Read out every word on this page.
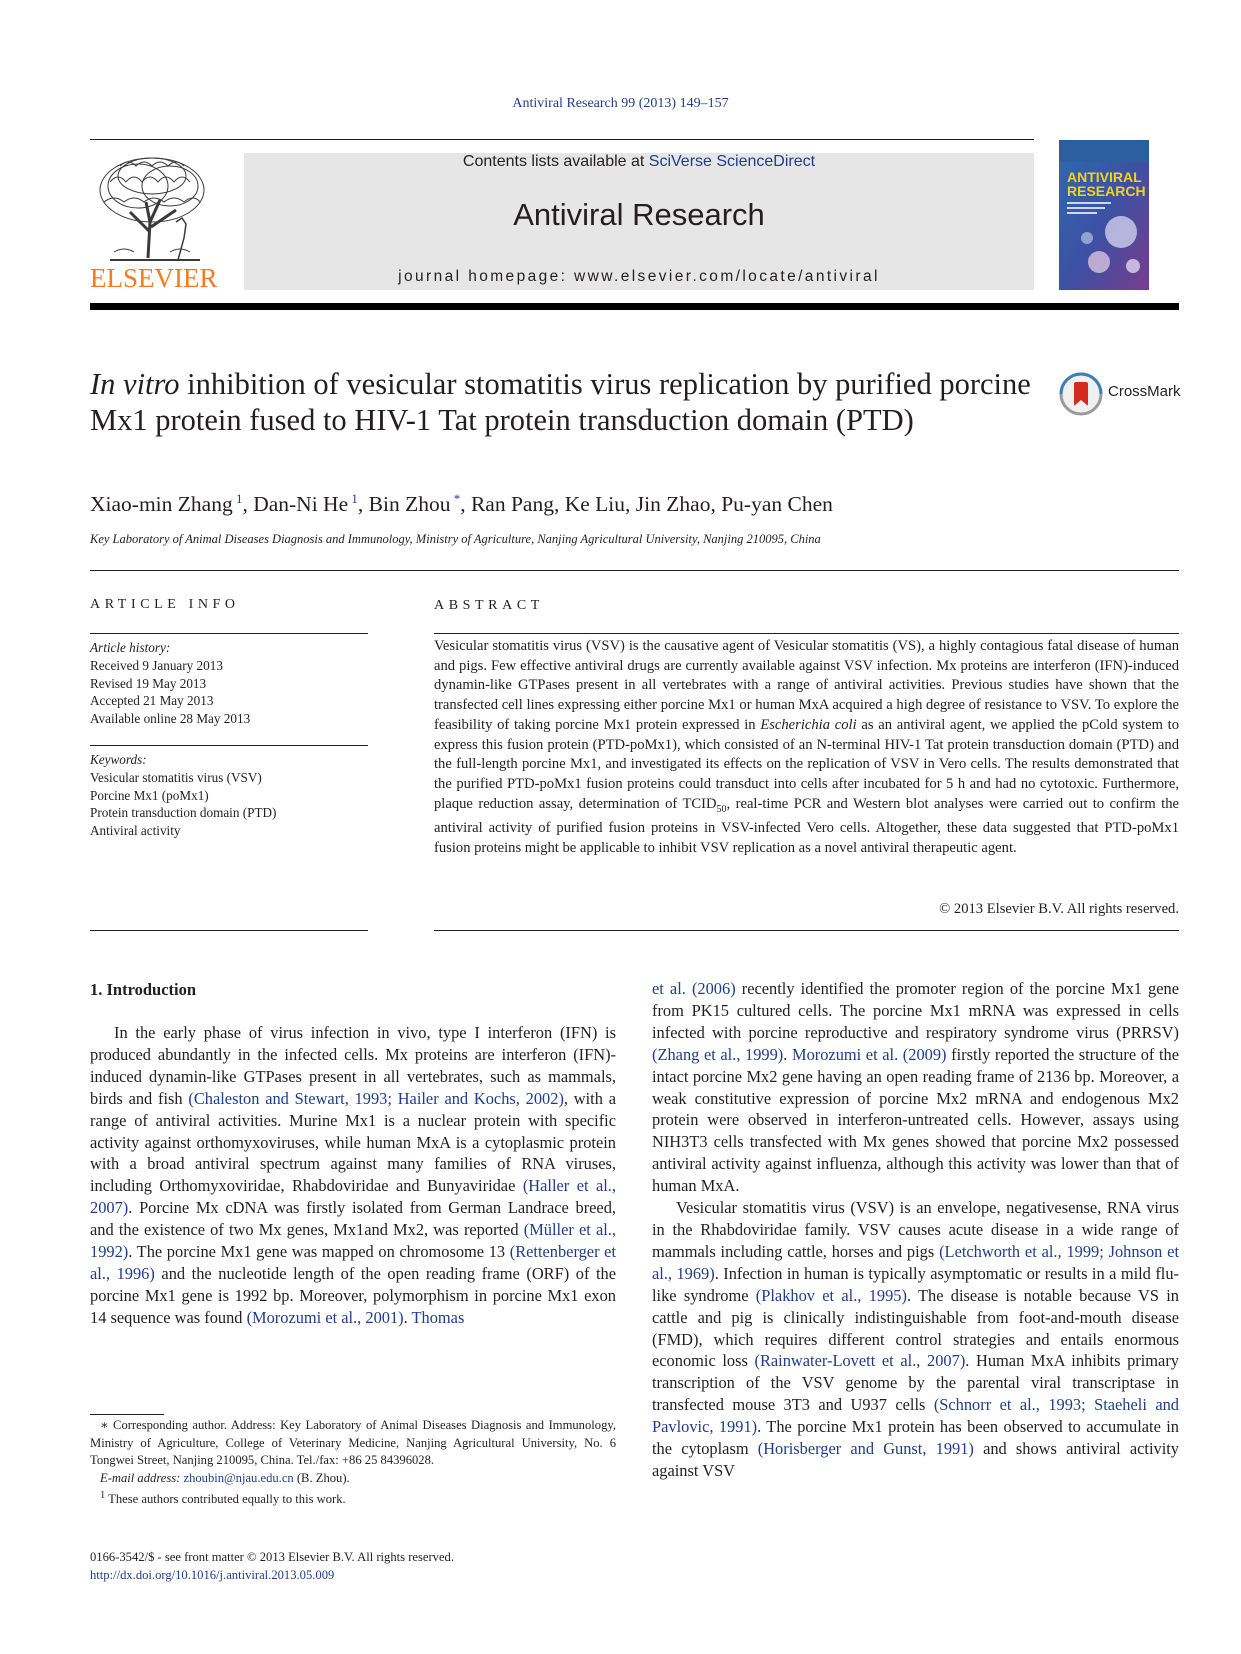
Antiviral Research 99 (2013) 149–157
ELSEVIER
Contents lists available at SciVerse ScienceDirect
Antiviral Research
journal homepage: www.elsevier.com/locate/antiviral
ANTIVIRAL RESEARCH
In vitro inhibition of vesicular stomatitis virus replication by purified porcine Mx1 protein fused to HIV-1 Tat protein transduction domain (PTD)
CrossMark
Xiao-min Zhang $^1$, Dan-Ni He $^1$, Bin Zhou *, Ran Pang, Ke Liu, Jin Zhao, Pu-yan Chen
Key Laboratory of Animal Diseases Diagnosis and Immunology, Ministry of Agriculture, Nanjing Agricultural University, Nanjing 210095, China
ARTICLE INFO	ABSTRACT
Article history:
Received 9 January 2013
Revised 19 May 2013
Accepted 21 May 2013
Available online 28 May 2013
Keywords:
Vesicular stomatitis virus (VSV)
Porcine Mx1 (poMx1)
Protein transduction domain (PTD)
Antiviral activity
Vesicular stomatitis virus (VSV) is the causative agent of Vesicular stomatitis (VS), a highly contagious fatal disease of human and pigs. Few effective antiviral drugs are currently available against VSV infection. Mx proteins are interferon (IFN)-induced dynamin-like GTPases present in all vertebrates with a range of antiviral activities. Previous studies have shown that the transfected cell lines expressing either porcine Mx1 or human MxA acquired a high degree of resistance to VSV. To explore the feasibility of taking porcine Mx1 protein expressed in Escherichia coli as an antiviral agent, we applied the pCold system to express this fusion protein (PTD-poMx1), which consisted of an N-terminal HIV-1 Tat protein transduction domain (PTD) and the full-length porcine Mx1, and investigated its effects on the replication of VSV in Vero cells. The results demonstrated that the purified PTD-poMx1 fusion proteins could transduct into cells after incubated for 5 h and had no cytotoxic. Furthermore, plaque reduction assay, determination of $TCID_{50}$, real-time PCR and Western blot analyses were carried out to confirm the antiviral activity of purified fusion proteins in VSV-infected Vero cells. Altogether, these data suggested that PTD-poMx1 fusion proteins might be applicable to inhibit VSV replication as a novel antiviral therapeutic agent.
© 2013 Elsevier B.V. All rights reserved.
1. Introduction

In the early phase of virus infection in vivo, type I interferon (IFN) is produced abundantly in the infected cells. Mx proteins are interferon (IFN)-induced dynamin-like GTPases present in all vertebrates, such as mammals, birds and fish (Chaleston and Stewart, 1993; Hailer and Kochs, 2002), with a range of antiviral activities. Murine Mx1 is a nuclear protein with specific activity against orthomyxoviruses, while human MxA is a cytoplasmic protein with a broad antiviral spectrum against many families of RNA viruses, including Orthomyxoviridae, Rhabdoviridae and Bunyaviridae (Haller et al., 2007). Porcine Mx cDNA was firstly isolated from German Landrace breed, and the existence of two Mx genes, Mx1and Mx2, was reported (Müller et al., 1992). The porcine Mx1 gene was mapped on chromosome 13 (Rettenberger et al., 1996) and the nucleotide length of the open reading frame (ORF) of the porcine Mx1 gene is 1992 bp. Moreover, polymorphism in porcine Mx1 exon 14 sequence was found (Morozumi et al., 2001). Thomas

et al. (2006) recently identified the promoter region of the porcine Mx1 gene from PK15 cultured cells. The porcine Mx1 mRNA was expressed in cells infected with porcine reproductive and respiratory syndrome virus (PRRSV) (Zhang et al., 1999). Morozumi et al. (2009) firstly reported the structure of the intact porcine Mx2 gene having an open reading frame of 2136 bp. Moreover, a weak constitutive expression of porcine Mx2 mRNA and endogenous Mx2 protein were observed in interferon-untreated cells. However, assays using NIH3T3 cells transfected with Mx genes showed that porcine Mx2 possessed antiviral activity against influenza, although this activity was lower than that of human MxA.

Vesicular stomatitis virus (VSV) is an envelope, negativesense, RNA virus in the Rhabdoviridae family. VSV causes acute disease in a wide range of mammals including cattle, horses and pigs (Letchworth et al., 1999; Johnson et al., 1969). Infection in human is typically asymptomatic or results in a mild flu-like syndrome (Plakhov et al., 1995). The disease is notable because VS in cattle and pig is clinically indistinguishable from foot-and-mouth disease (FMD), which requires different control strategies and entails enormous economic loss (Rainwater-Lovett et al., 2007). Human MxA inhibits primary transcription of the VSV genome by the parental viral transcriptase in transfected mouse 3T3 and U937 cells (Schnorr et al., 1993; Staeheli and Pavlovic, 1991). The porcine Mx1 protein has been observed to accumulate in the cytoplasm (Horisberger and Gunst, 1991) and shows antiviral activity against VSV

∗ Corresponding author. Address: Key Laboratory of Animal Diseases Diagnosis and Immunology, Ministry of Agriculture, College of Veterinary Medicine, Nanjing Agricultural University, No. 6 Tongwei Street, Nanjing 210095, China. Tel./fax: +86 25 84396028.

E-mail address: zhoubin@njau.edu.cn (B. Zhou).

$^1$ These authors contributed equally to this work.

0166-3542/$ - see front matter © 2013 Elsevier B.V. All rights reserved.
http://dx.doi.org/10.1016/j.antiviral.2013.05.009
